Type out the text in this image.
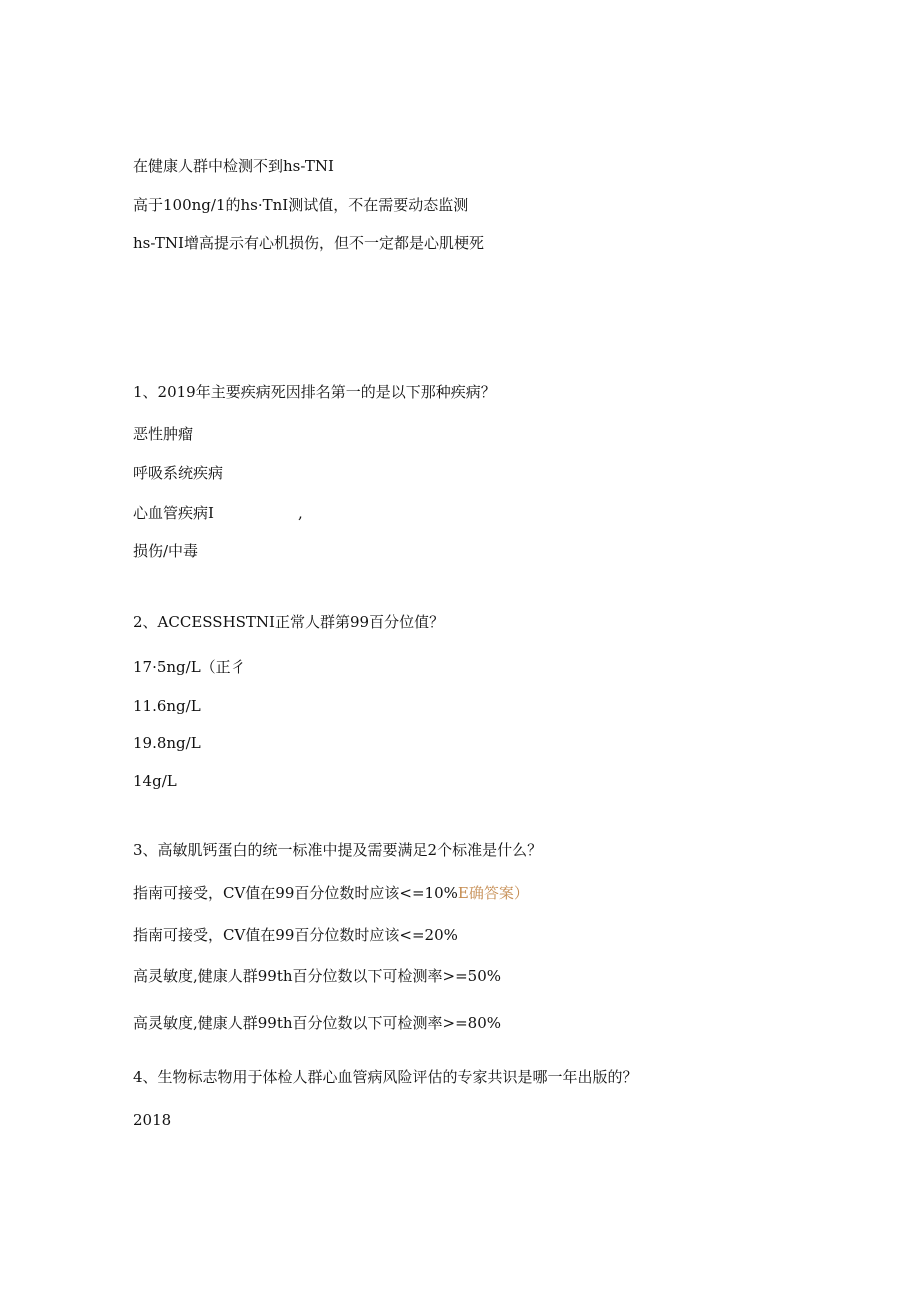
在健康人群中检测不到hs-TNI
高于100ng/1的hs·TnI测试值，不在需要动态监测
hs-TNI增高提示有心机损伤，但不一定都是心肌梗死
1、2019年主要疾病死因排名第一的是以下那种疾病？
恶性肿瘤
呼吸系统疾病
心血管疾病I	,
损伤/中毒
2、ACCESSHSTNI正常人群第99百分位值？
17·5ng/L（正彳
11.6ng/L
19.8ng/L
14g/L
3、高敏肌钙蛋白的统一标准中提及需要满足2个标准是什么？
指南可接受，CV值在99百分位数时应该<=10%E确答案）
指南可接受，CV值在99百分位数时应该<=20%
高灵敏度,健康人群99th百分位数以下可检测率>=50%
高灵敏度,健康人群99th百分位数以下可检测率>=80%
4、生物标志物用于体检人群心血管病风险评估的专家共识是哪一年出版的？
2018
